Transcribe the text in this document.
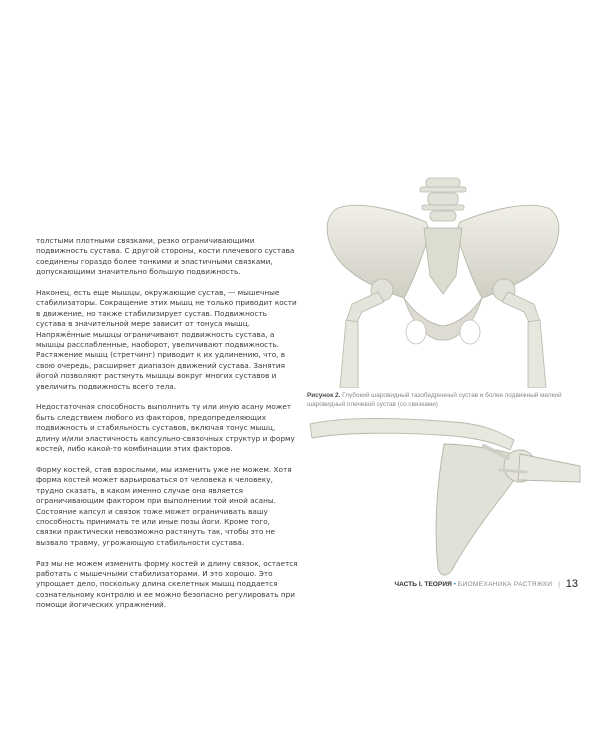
толстыми плотными связками, резко ограничивающими подвижность сустава. С другой стороны, кости плечевого сустава соединены гораздо более тонкими и эластичными связками, допускающими значительно большую подвижность.

Наконец, есть еще мышцы, окружающие сустав, — мышечные стабилизаторы. Сокращение этих мышц не только приводит кости в движение, но также стабилизирует сустав. Подвижность сустава в значительной мере зависит от тонуса мышц. Напряжённые мышцы ограничивают подвижность сустава, а мышцы расслабленные, наоборот, увеличивают подвижность. Растяжение мышц (стретчинг) приводит к их удлинению, что, в свою очередь, расширяет диапазон движений сустава. Занятия йогой позволяют растянуть мышцы вокруг многих суставов и увеличить подвижность всего тела.

Недостаточная способность выполнить ту или иную асану может быть следствием любого из факторов, предопределяющих подвижность и стабильность суставов, включая тонус мышц, длину и/или эластичность капсульно-связочных структур и форму костей, либо какой-то комбинации этих факторов.

Форму костей, став взрослыми, мы изменить уже не можем. Хотя форма костей может варьироваться от человека к человеку, трудно сказать, в каком именно случае она является ограничивающим фактором при выполнении той иной асаны. Состояние капсул и связок тоже может ограничивать вашу способность принимать те или иные позы йоги. Кроме того, связки практически невозможно растянуть так, чтобы это не вызвало травму, угрожающую стабильности сустава.

Раз мы не можем изменить форму костей и длину связок, остается работать с мышечными стабилизаторами. И это хорошо. Это упрощает дело, поскольку длина скелетных мышц поддается сознательному контролю и ее можно безопасно регулировать при помощи йогических упражнений.

Рисунок 2. Глубокий шаровидный тазобедренный сустав и более подвижный мелкий шаровидный плечевой сустав (со связками)
ЧАСТЬ I. ТЕОРИЯ • БИОМЕХАНИКА РАСТЯЖКИ | 13
